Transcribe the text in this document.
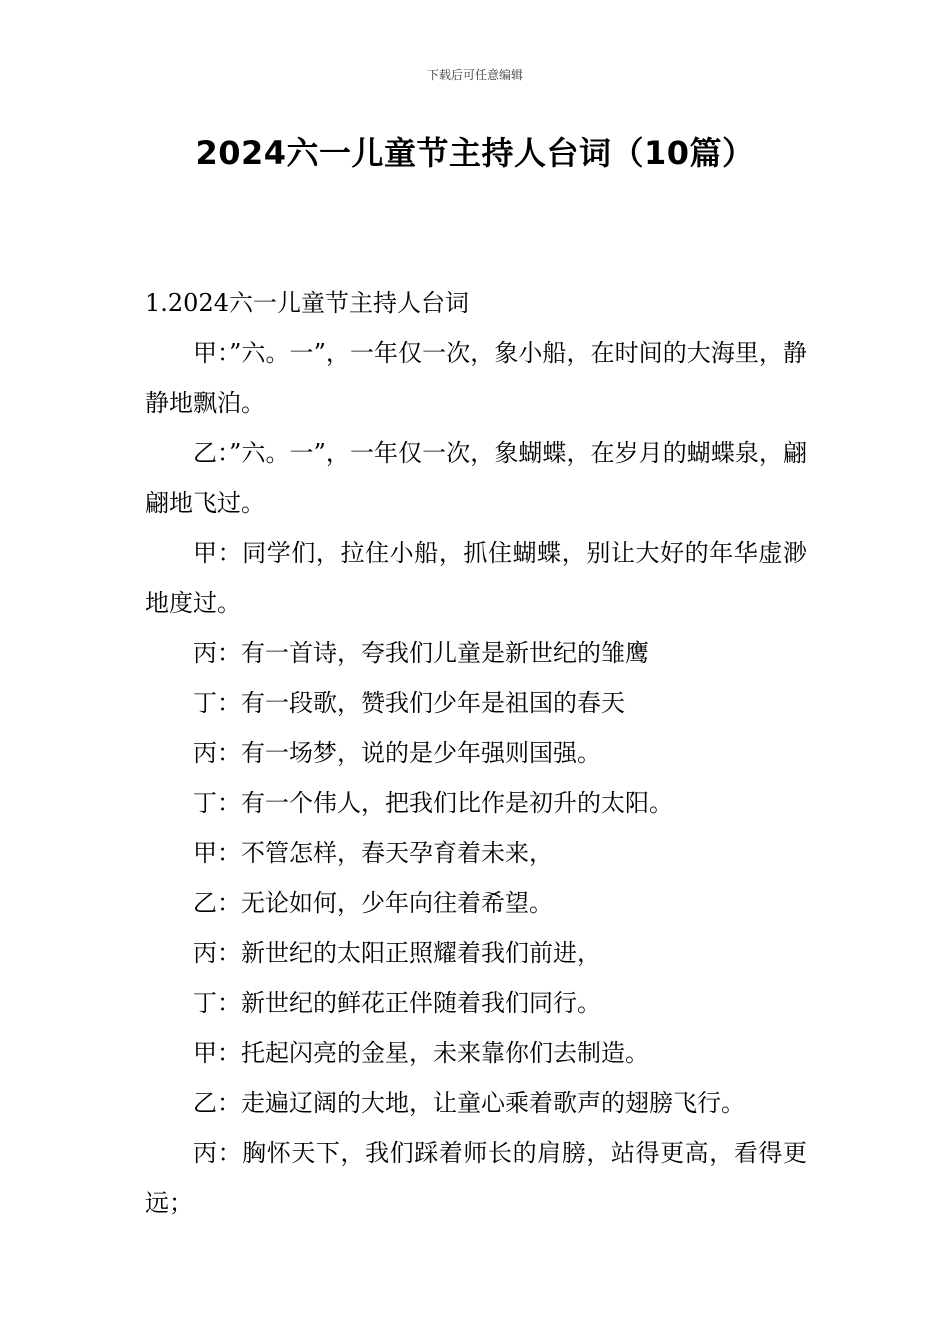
下载后可任意编辑
2024六一儿童节主持人台词（10篇）

1.2024六一儿童节主持人台词

甲：”六。一”，一年仅一次，象小船，在时间的大海里，静静地飘泊。

乙：”六。一”，一年仅一次，象蝴蝶，在岁月的蝴蝶泉，翩翩地飞过。

甲：同学们，拉住小船，抓住蝴蝶，别让大好的年华虚渺地度过。

丙：有一首诗，夸我们儿童是新世纪的雏鹰

丁：有一段歌，赞我们少年是祖国的春天

丙：有一场梦，说的是少年强则国强。

丁：有一个伟人，把我们比作是初升的太阳。

甲：不管怎样，春天孕育着未来，

乙：无论如何，少年向往着希望。

丙：新世纪的太阳正照耀着我们前进，

丁：新世纪的鲜花正伴随着我们同行。

甲：托起闪亮的金星，未来靠你们去制造。

乙：走遍辽阔的大地，让童心乘着歌声的翅膀飞行。

丙：胸怀天下，我们踩着师长的肩膀，站得更高，看得更远；
